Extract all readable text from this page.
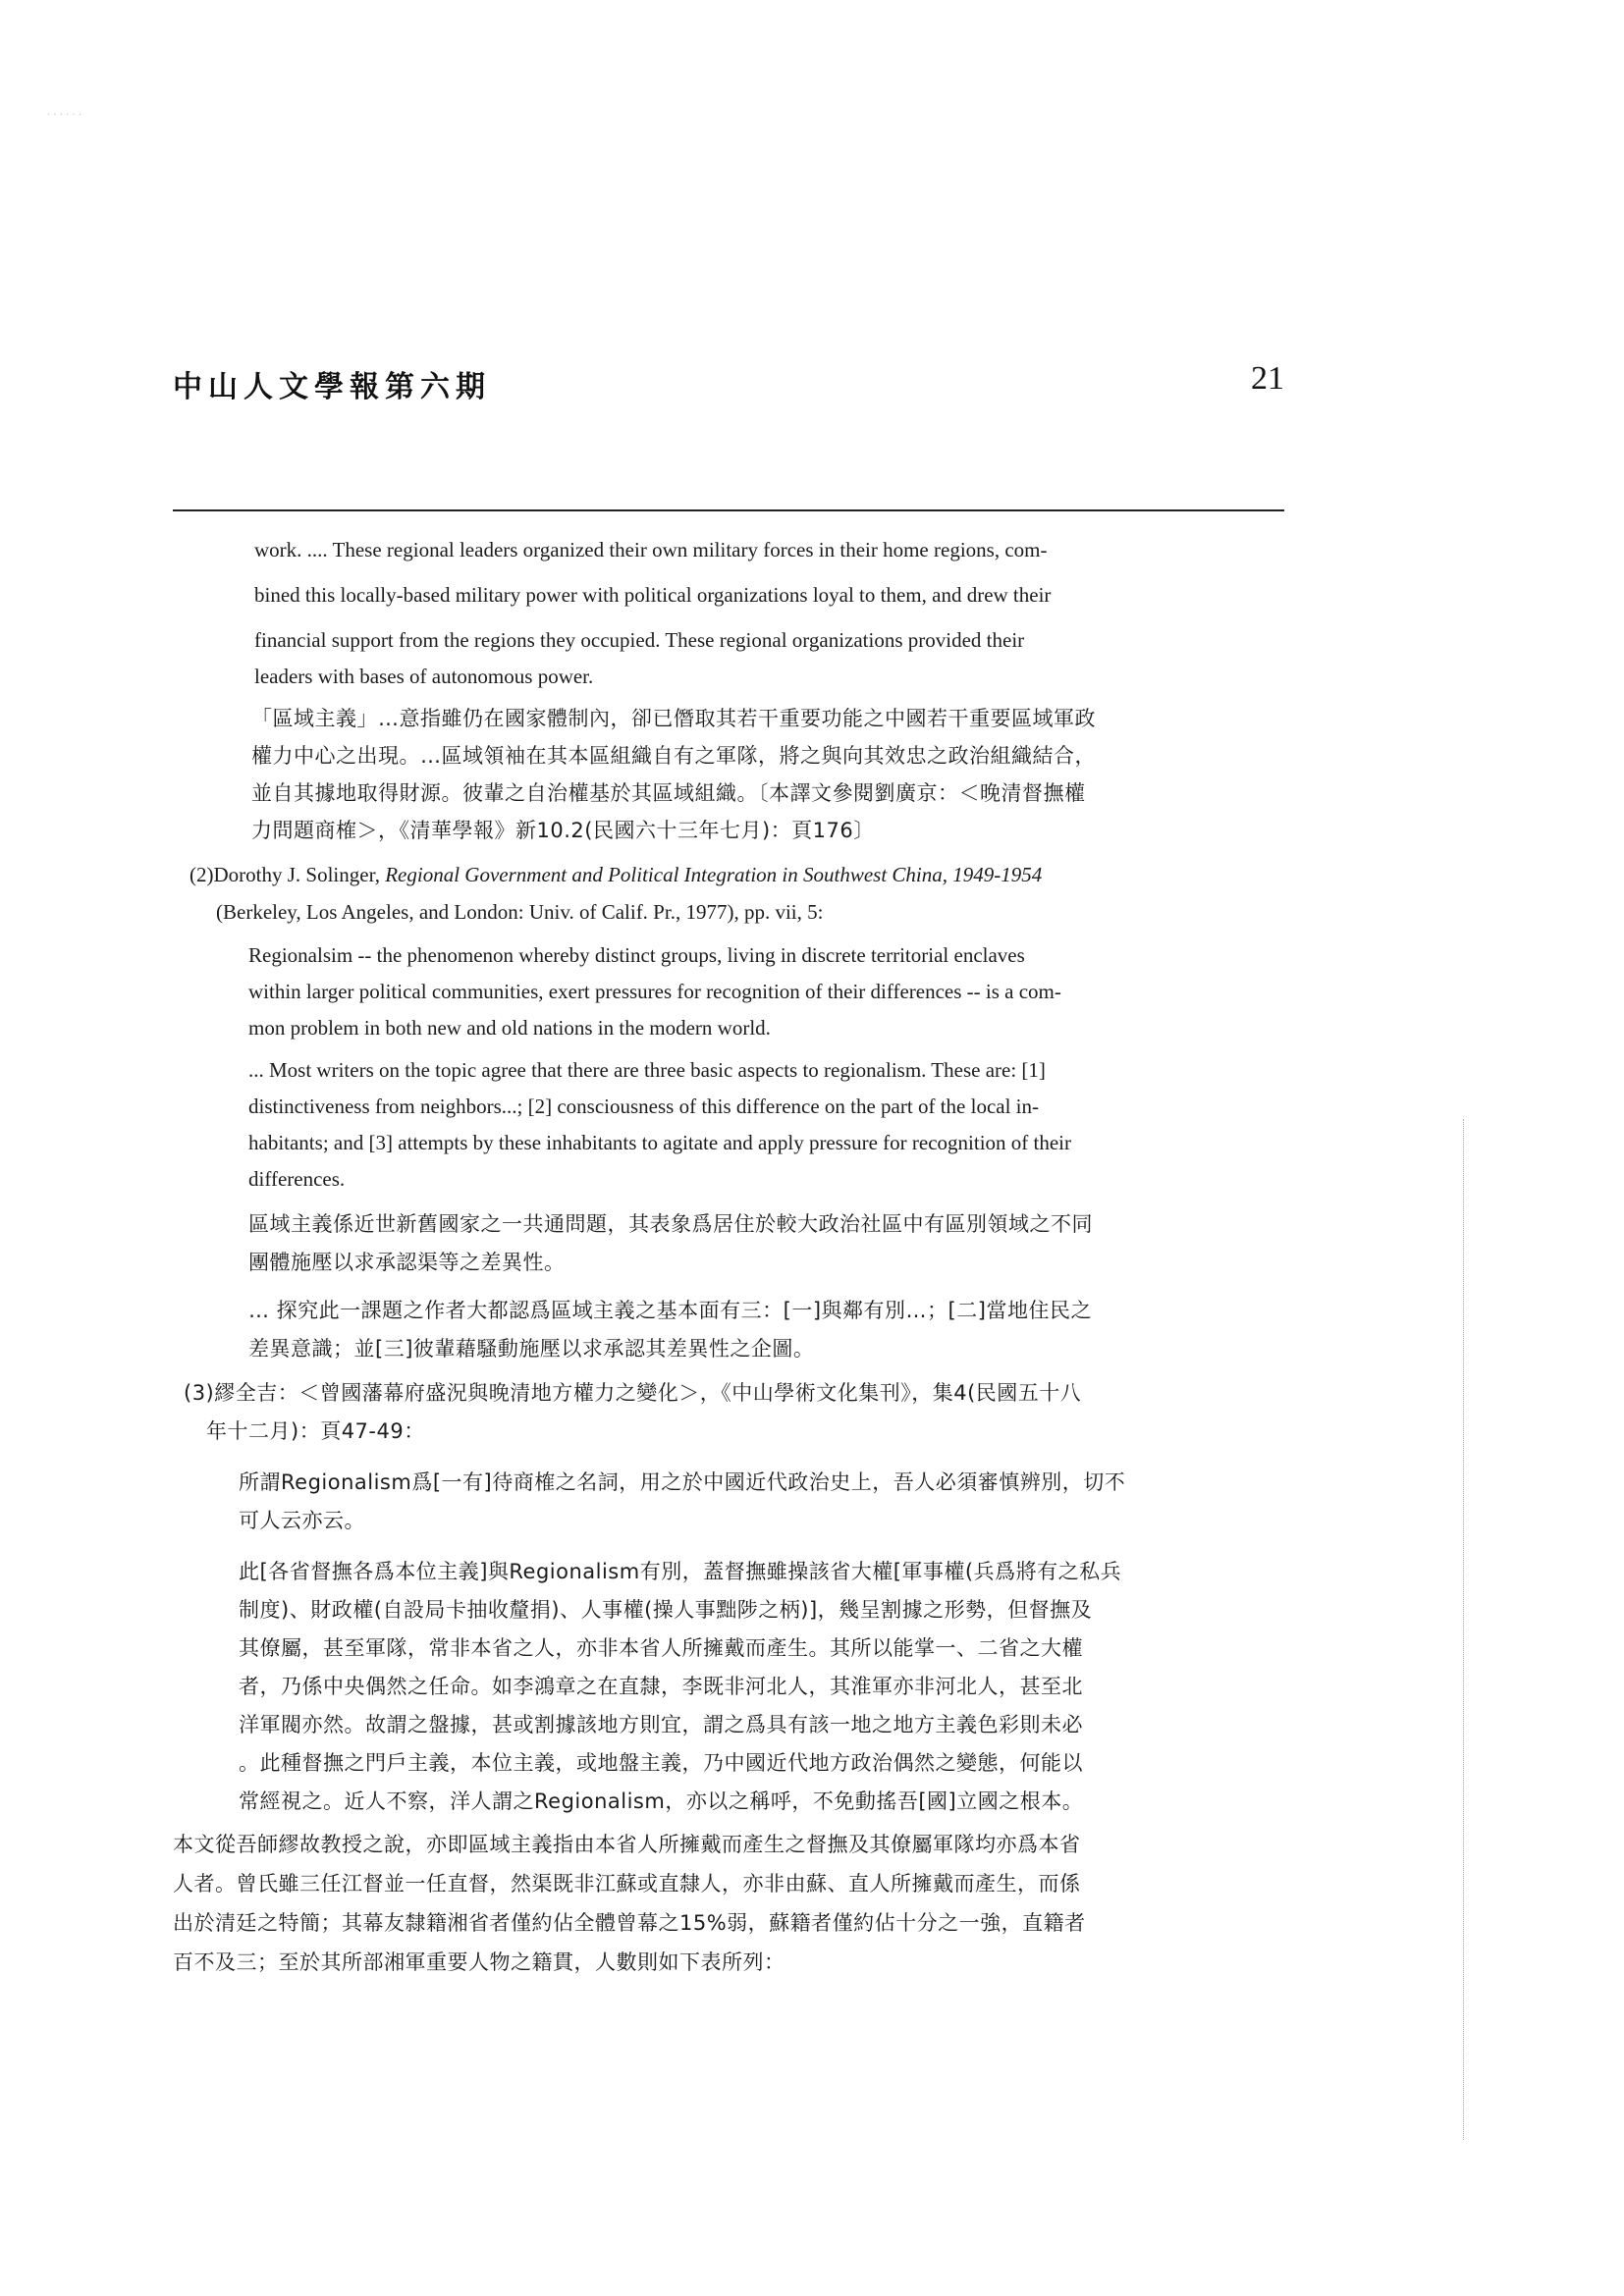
· · · · · ·
中山人文學報第六期	21
work. .... These regional leaders organized their own military forces in their home regions, com-
bined this locally-based military power with political organizations loyal to them, and drew their
financial support from the regions they occupied. These regional organizations provided their
leaders with bases of autonomous power.
「區域主義」…意指雖仍在國家體制內，卻已僭取其若干重要功能之中國若干重要區域軍政
權力中心之出現。…區域領袖在其本區組織自有之軍隊，將之與向其效忠之政治組織結合，
並自其據地取得財源。彼輩之自治權基於其區域組織。〔本譯文參閱劉廣京：＜晚清督撫權
力問題商榷＞，《清華學報》新10.2(民國六十三年七月)：頁176〕
(2)Dorothy J. Solinger, Regional Government and Political Integration in Southwest China, 1949-1954
(Berkeley, Los Angeles, and London: Univ. of Calif. Pr., 1977), pp. vii, 5:
Regionalsim -- the phenomenon whereby distinct groups, living in discrete territorial enclaves
within larger political communities, exert pressures for recognition of their differences -- is a com-
mon problem in both new and old nations in the modern world.
... Most writers on the topic agree that there are three basic aspects to regionalism. These are: [1]
distinctiveness from neighbors...; [2] consciousness of this difference on the part of the local in-
habitants; and [3] attempts by these inhabitants to agitate and apply pressure for recognition of their
differences.
區域主義係近世新舊國家之一共通問題，其表象爲居住於較大政治社區中有區別領域之不同
團體施壓以求承認渠等之差異性。
… 探究此一課題之作者大都認爲區域主義之基本面有三：[一]與鄰有別…；[二]當地住民之
差異意識；並[三]彼輩藉騷動施壓以求承認其差異性之企圖。
(3)繆全吉：＜曾國藩幕府盛況與晚清地方權力之變化＞，《中山學術文化集刊》，集4(民國五十八
年十二月)：頁47-49：
所謂Regionalism爲[一有]待商榷之名詞，用之於中國近代政治史上，吾人必須審慎辨別，切不
可人云亦云。
此[各省督撫各爲本位主義]與Regionalism有別，蓋督撫雖操該省大權[軍事權(兵爲將有之私兵
制度)、財政權(自設局卡抽收釐捐)、人事權(操人事黜陟之柄)]，幾呈割據之形勢，但督撫及
其僚屬，甚至軍隊，常非本省之人，亦非本省人所擁戴而產生。其所以能掌一、二省之大權
者，乃係中央偶然之任命。如李鴻章之在直隸，李既非河北人，其淮軍亦非河北人，甚至北
洋軍閥亦然。故謂之盤據，甚或割據該地方則宜，謂之爲具有該一地之地方主義色彩則未必
。此種督撫之門戶主義，本位主義，或地盤主義，乃中國近代地方政治偶然之變態，何能以
常經視之。近人不察，洋人謂之Regionalism，亦以之稱呼，不免動搖吾[國]立國之根本。
本文從吾師繆故教授之說，亦即區域主義指由本省人所擁戴而產生之督撫及其僚屬軍隊均亦爲本省
人者。曾氏雖三任江督並一任直督，然渠既非江蘇或直隸人，亦非由蘇、直人所擁戴而產生，而係
出於清廷之特簡；其幕友隸籍湘省者僅約佔全體曾幕之15%弱，蘇籍者僅約佔十分之一強，直籍者
百不及三；至於其所部湘軍重要人物之籍貫，人數則如下表所列：
